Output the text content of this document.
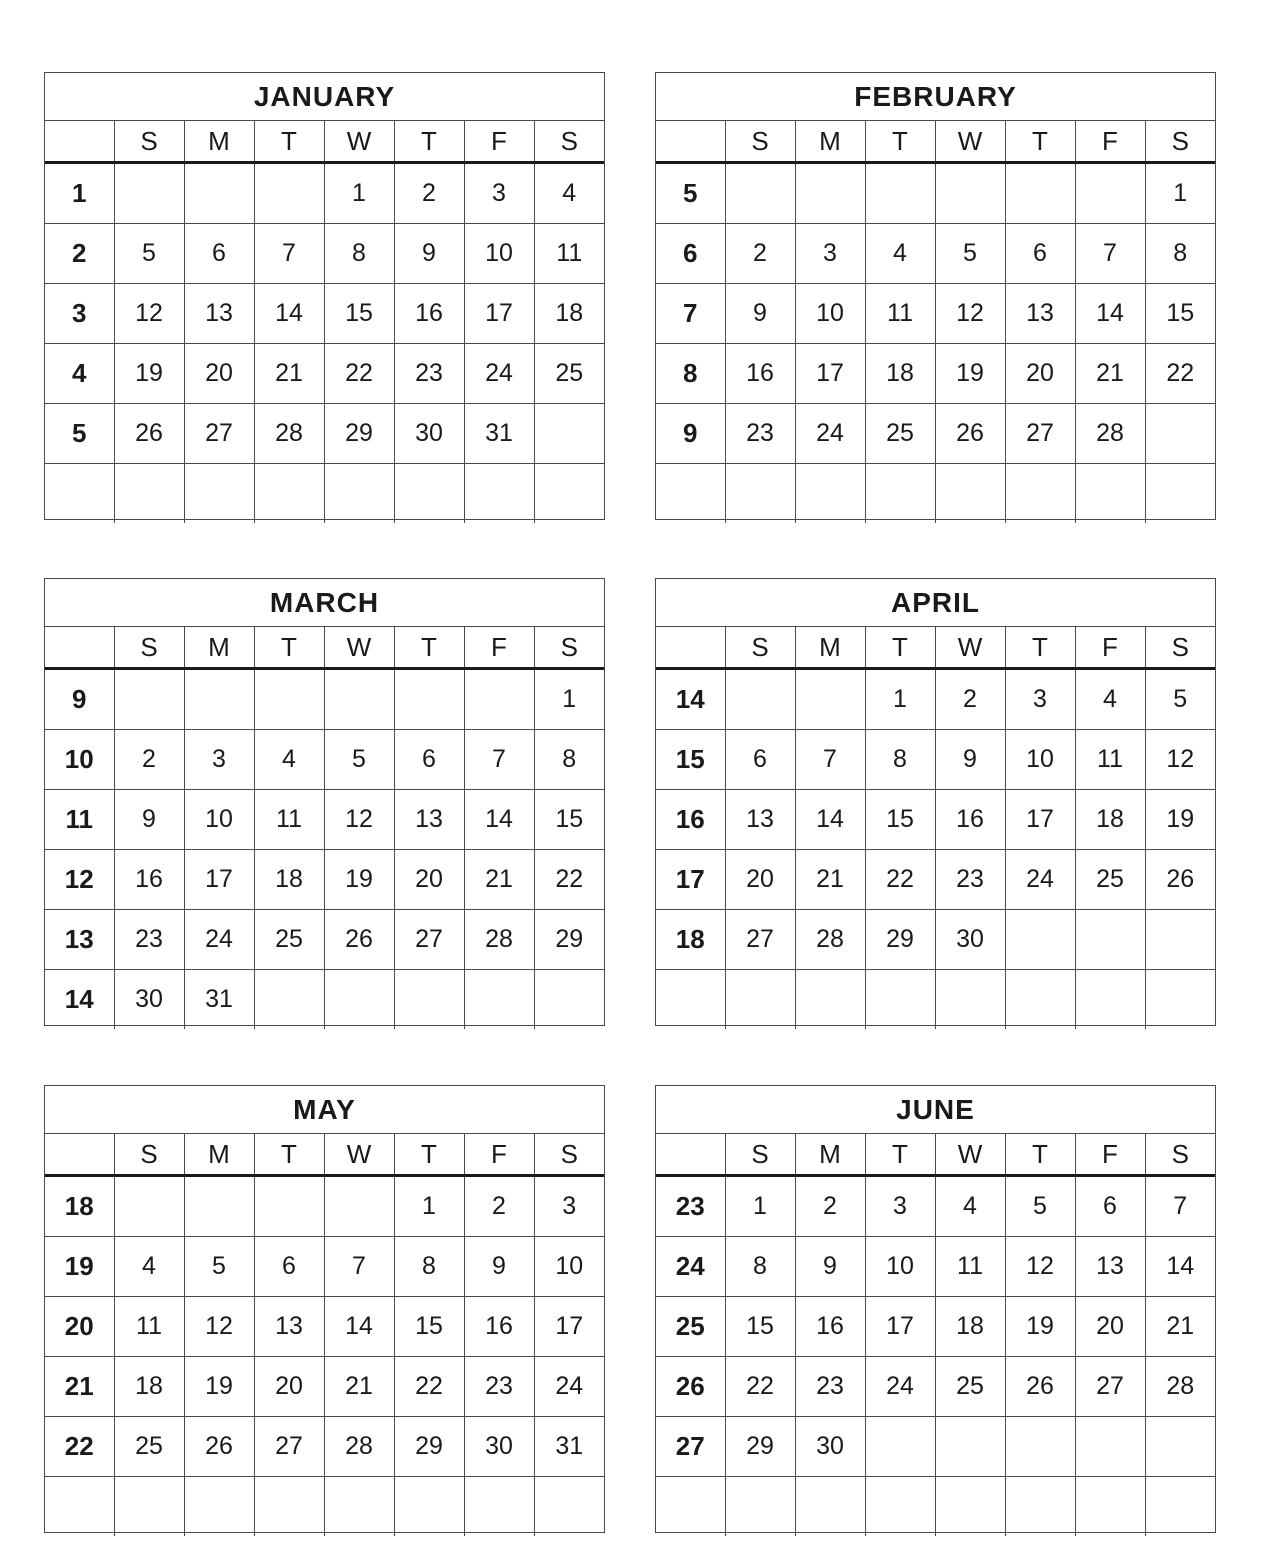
JANUARY
	S	M	T	W	T	F	S
1				1	2	3	4
2	5	6	7	8	9	10	11
3	12	13	14	15	16	17	18
4	19	20	21	22	23	24	25
5	26	27	28	29	30	31	

FEBRUARY
	S	M	T	W	T	F	S
5							1
6	2	3	4	5	6	7	8
7	9	10	11	12	13	14	15
8	16	17	18	19	20	21	22
9	23	24	25	26	27	28	

MARCH
	S	M	T	W	T	F	S
9							1
10	2	3	4	5	6	7	8
11	9	10	11	12	13	14	15
12	16	17	18	19	20	21	22
13	23	24	25	26	27	28	29
14	30	31					
APRIL
	S	M	T	W	T	F	S
14			1	2	3	4	5
15	6	7	8	9	10	11	12
16	13	14	15	16	17	18	19
17	20	21	22	23	24	25	26
18	27	28	29	30			

MAY
	S	M	T	W	T	F	S
18					1	2	3
19	4	5	6	7	8	9	10
20	11	12	13	14	15	16	17
21	18	19	20	21	22	23	24
22	25	26	27	28	29	30	31

JUNE
	S	M	T	W	T	F	S
23	1	2	3	4	5	6	7
24	8	9	10	11	12	13	14
25	15	16	17	18	19	20	21
26	22	23	24	25	26	27	28
27	29	30					
